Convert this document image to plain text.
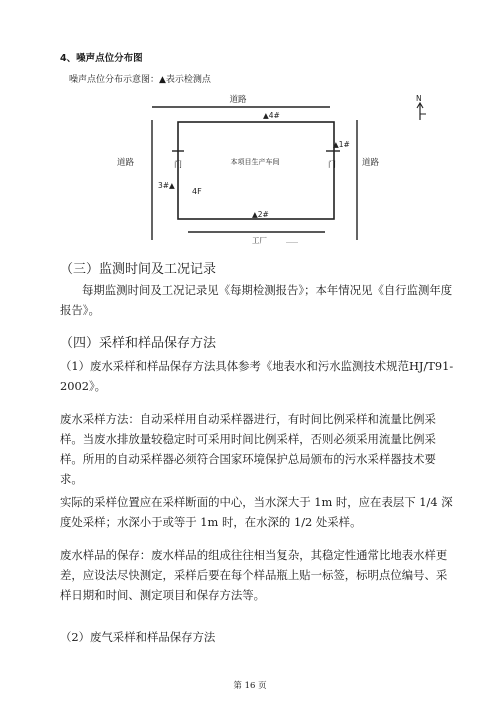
4、噪声点位分布图
噪声点位分布示意图：▲表示检测点
道路
道路	道路
本项目生产车间
门
3#▲
4F
门
▲1#
▲4#
▲2#
工厂	……
N
（三）监测时间及工况记录
每期监测时间及工况记录见《每期检测报告》；本年情况见《自行监测年度报告》。
（四）采样和样品保存方法
（1）废水采样和样品保存方法具体参考《地表水和污水监测技术规范HJ/T91-2002》。
废水采样方法：自动采样用自动采样器进行，有时间比例采样和流量比例采样。当废水排放量较稳定时可采用时间比例采样，否则必须采用流量比例采样。所用的自动采样器必须符合国家环境保护总局颁布的污水采样器技术要求。
实际的采样位置应在采样断面的中心，当水深大于 1m 时，应在表层下 1/4 深度处采样；水深小于或等于 1m 时，在水深的 1/2 处采样。
废水样品的保存：废水样品的组成往往相当复杂，其稳定性通常比地表水样更差，应设法尽快测定，采样后要在每个样品瓶上贴一标签，标明点位编号、采样日期和时间、测定项目和保存方法等。
（2）废气采样和样品保存方法
第 16 页
